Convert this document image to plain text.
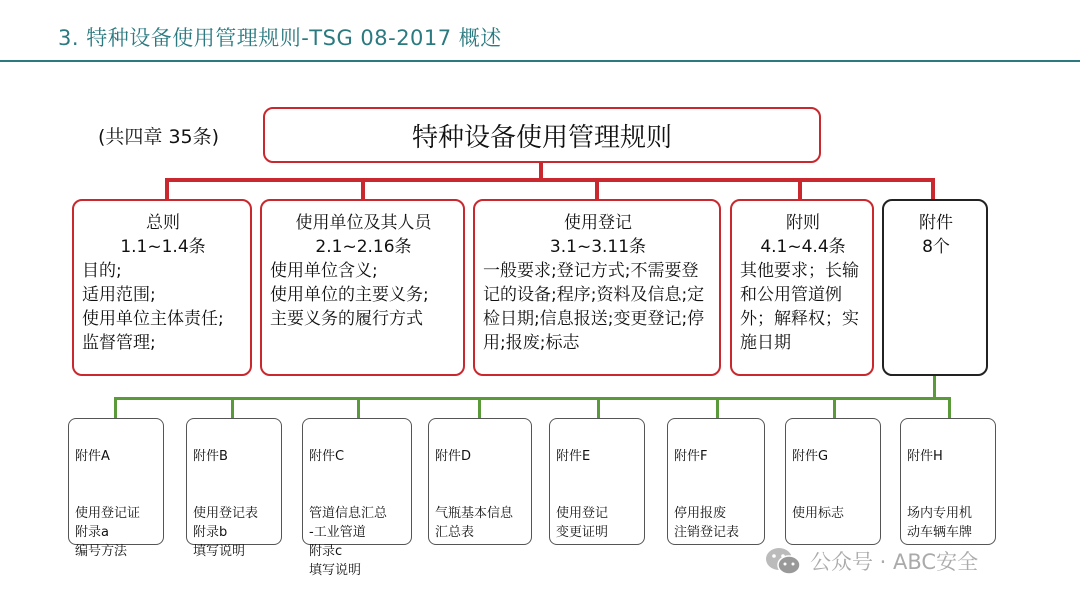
3. 特种设备使用管理规则-TSG 08-2017 概述
(共四章 35条)	特种设备使用管理规则
总则
1.1~1.4条
目的;
适用范围;
使用单位主体责任;
监督管理;
使用单位及其人员
2.1~2.16条
使用单位含义;
使用单位的主要义务;
主要义务的履行方式
使用登记
3.1~3.11条
一般要求;登记方式;不需要登记的设备;程序;资料及信息;定检日期;信息报送;变更登记;停用;报废;标志
附则
4.1~4.4条
其他要求；长输和公用管道例外；解释权；实施日期
附件
8个

附件A

使用登记证
附录a
编号方法

附件B

使用登记表
附录b
填写说明

附件C

管道信息汇总
-工业管道
附录c
填写说明

附件D

气瓶基本信息
汇总表

附件E

使用登记
变更证明

附件F

停用报废
注销登记表

附件G

使用标志

附件H

场内专用机
动车辆车牌

公众号 · ABC安全
